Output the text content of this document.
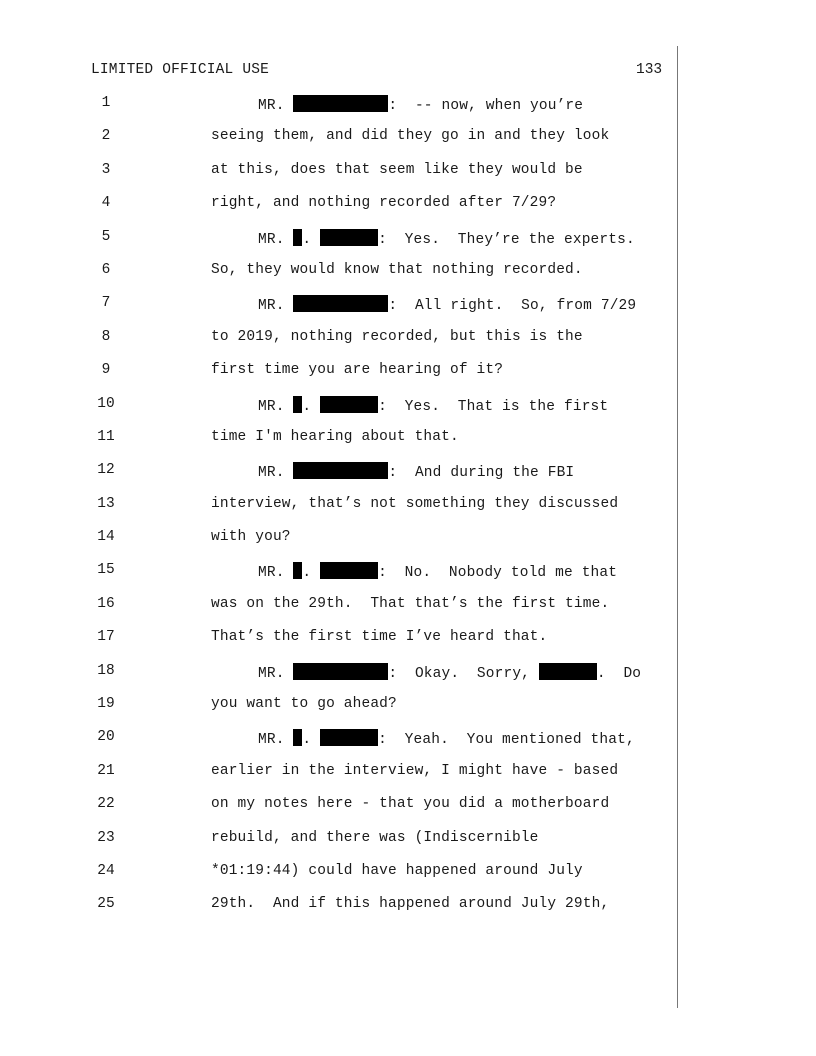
LIMITED OFFICIAL USE	133
1	MR.	:  -- now, when you’re
2	seeing them, and did they go in and they look
3	at this, does that seem like they would be
4	right, and nothing recorded after 7/29?
5	MR. .	:  Yes.  They’re the experts.
6	So, they would know that nothing recorded.
7	MR.	:  All right.  So, from 7/29
8	to 2019, nothing recorded, but this is the
9	first time you are hearing of it?
10	MR. .	:  Yes.  That is the first
11	time I'm hearing about that.
12	MR.	:  And during the FBI
13	interview, that’s not something they discussed
14	with you?
15	MR. .	:  No.  Nobody told me that
16	was on the 29th.  That that’s the first time.
17	That’s the first time I’ve heard that.
18	MR.	:  Okay.  Sorry,	.  Do
19	you want to go ahead?
20	MR. .	:  Yeah.  You mentioned that,
21	earlier in the interview, I might have - based
22	on my notes here - that you did a motherboard
23	rebuild, and there was (Indiscernible
24	*01:19:44) could have happened around July
25	29th.  And if this happened around July 29th,
